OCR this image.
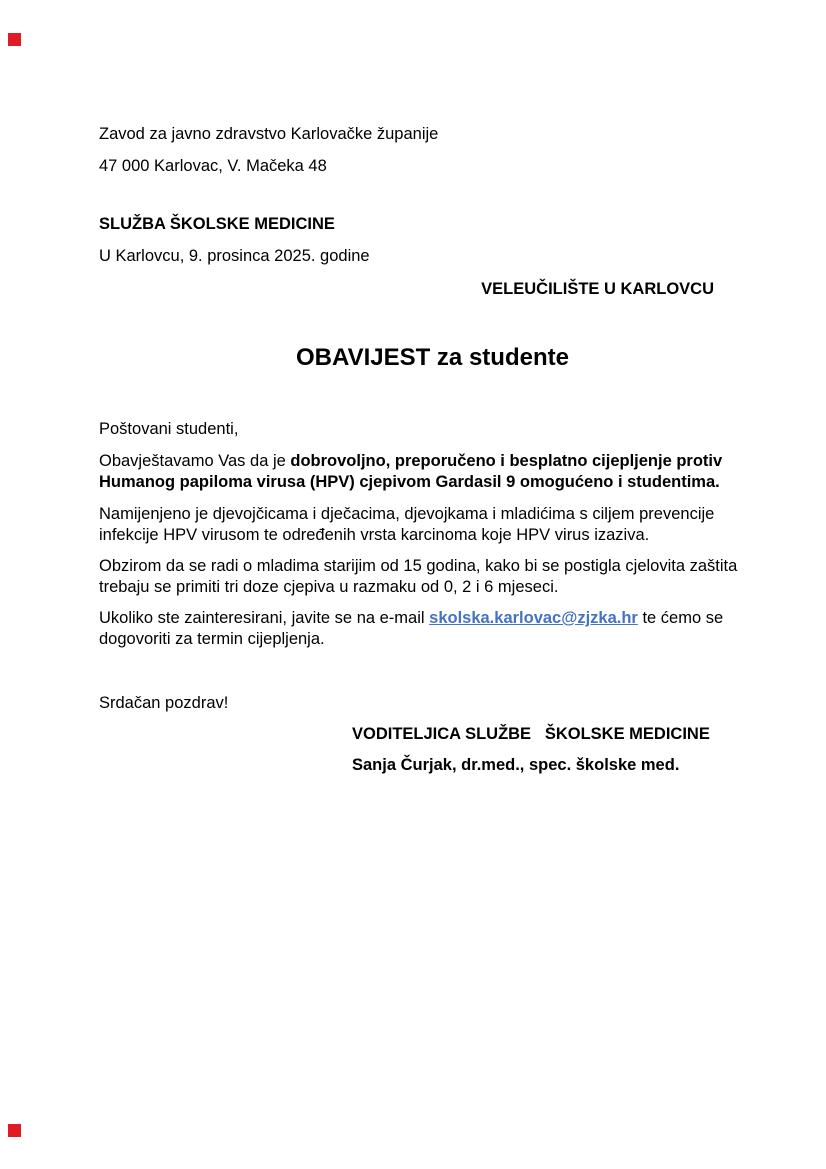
Zavod za javno zdravstvo Karlovačke županije
47 000 Karlovac, V. Mačeka 48
SLUŽBA ŠKOLSKE MEDICINE
U Karlovcu, 9. prosinca 2025. godine
VELEUČILIŠTE U KARLOVCU
OBAVIJEST za studente
Poštovani studenti,
Obavještavamo Vas da je dobrovoljno, preporučeno i besplatno cijepljenje protiv Humanog papiloma virusa (HPV) cjepivom Gardasil 9 omogućeno i studentima.
Namijenjeno je djevojčicama i dječacima, djevojkama i mladićima s ciljem prevencije infekcije HPV virusom te određenih vrsta karcinoma koje HPV virus izaziva.
Obzirom da se radi o mladima starijim od 15 godina, kako bi se postigla cjelovita zaštita trebaju se primiti tri doze cjepiva u razmaku od 0, 2 i 6 mjeseci.
Ukoliko ste zainteresirani, javite se na e-mail skolska.karlovac@zjzka.hr te ćemo se dogovoriti za termin cijepljenja.
Srdačan pozdrav!
VODITELJICA SLUŽBE   ŠKOLSKE MEDICINE
Sanja Čurjak, dr.med., spec. školske med.
